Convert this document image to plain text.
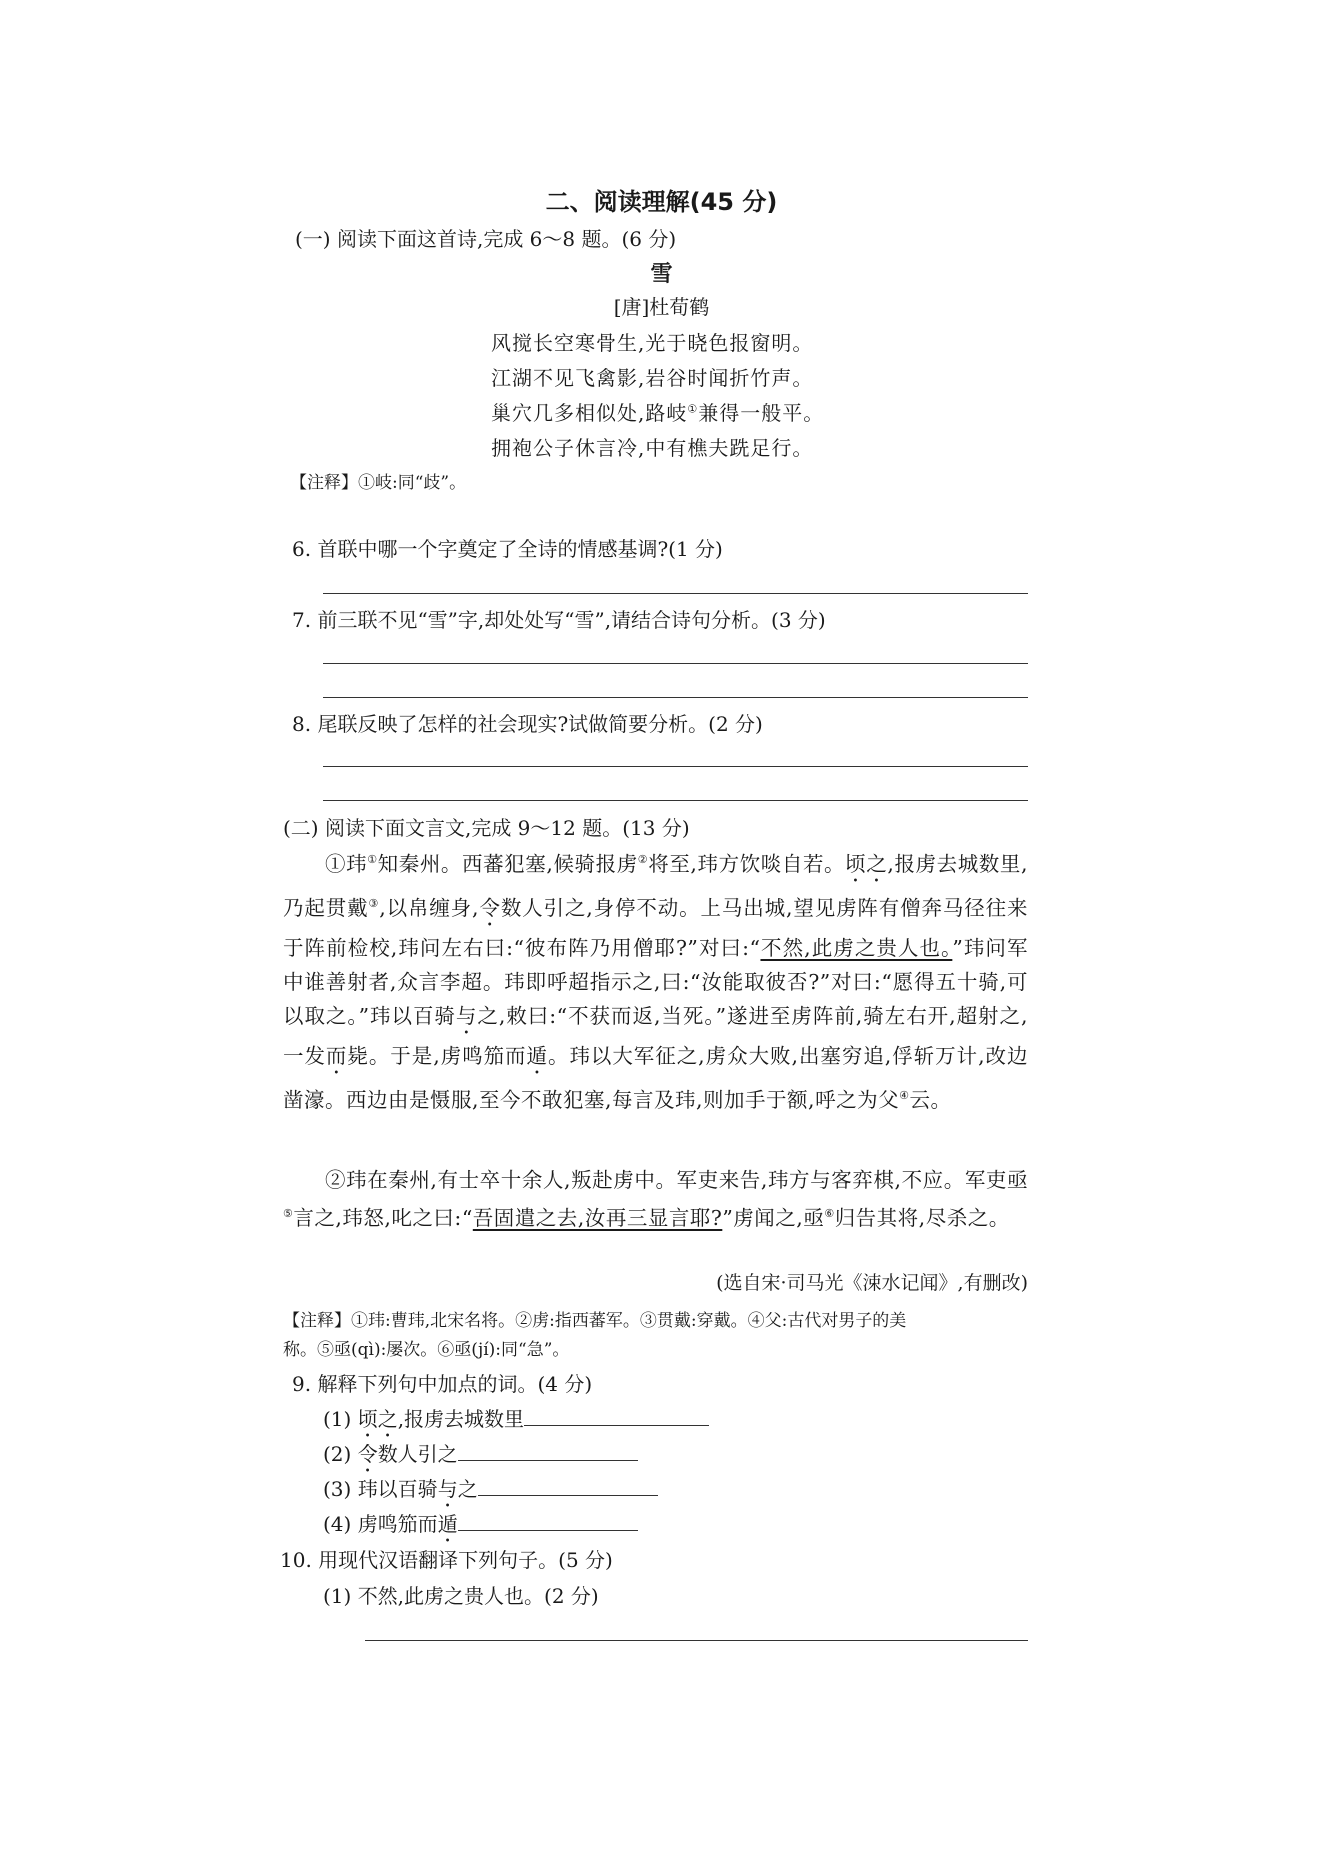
二、阅读理解(45 分)
(一) 阅读下面这首诗,完成 6～8 题。(6 分)
雪
[唐]杜荀鹤
风搅长空寒骨生,光于晓色报窗明。
江湖不见飞禽影,岩谷时闻折竹声。
巢穴几多相似处,路岐①兼得一般平。
拥袍公子休言冷,中有樵夫跣足行。
【注释】①岐:同“歧”。
6. 首联中哪一个字奠定了全诗的情感基调?(1 分)
7. 前三联不见“雪”字,却处处写“雪”,请结合诗句分析。(3 分)
8. 尾联反映了怎样的社会现实?试做简要分析。(2 分)
(二) 阅读下面文言文,完成 9～12 题。(13 分)
①玮①知秦州。西蕃犯塞,候骑报虏②将至,玮方饮啖自若。顷之,报虏去城数里,乃起贯戴③,以帛缠身,令数人引之,身停不动。上马出城,望见虏阵有僧奔马径往来于阵前检校,玮问左右曰:“彼布阵乃用僧耶?”对曰:“不然,此虏之贵人也。”玮问军中谁善射者,众言李超。玮即呼超指示之,曰:“汝能取彼否?”对曰:“愿得五十骑,可以取之。”玮以百骑与之,敕曰:“不获而返,当死。”遂进至虏阵前,骑左右开,超射之,一发而毙。于是,虏鸣笳而遁。玮以大军征之,虏众大败,出塞穷追,俘斩万计,改边凿濠。西边由是慑服,至今不敢犯塞,每言及玮,则加手于额,呼之为父④云。
②玮在秦州,有士卒十余人,叛赴虏中。军吏来告,玮方与客弈棋,不应。军吏亟⑤言之,玮怒,叱之曰:“吾固遣之去,汝再三显言耶?”虏闻之,亟⑥归告其将,尽杀之。
(选自宋·司马光《涑水记闻》,有删改)
【注释】①玮:曹玮,北宋名将。②虏:指西蕃军。③贯戴:穿戴。④父:古代对男子的美
称。⑤亟(qì):屡次。⑥亟(jí):同“急”。
9. 解释下列句中加点的词。(4 分)
(1) 顷之,报虏去城数里
(2) 令数人引之
(3) 玮以百骑与之
(4) 虏鸣笳而遁
10. 用现代汉语翻译下列句子。(5 分)
(1) 不然,此虏之贵人也。(2 分)
